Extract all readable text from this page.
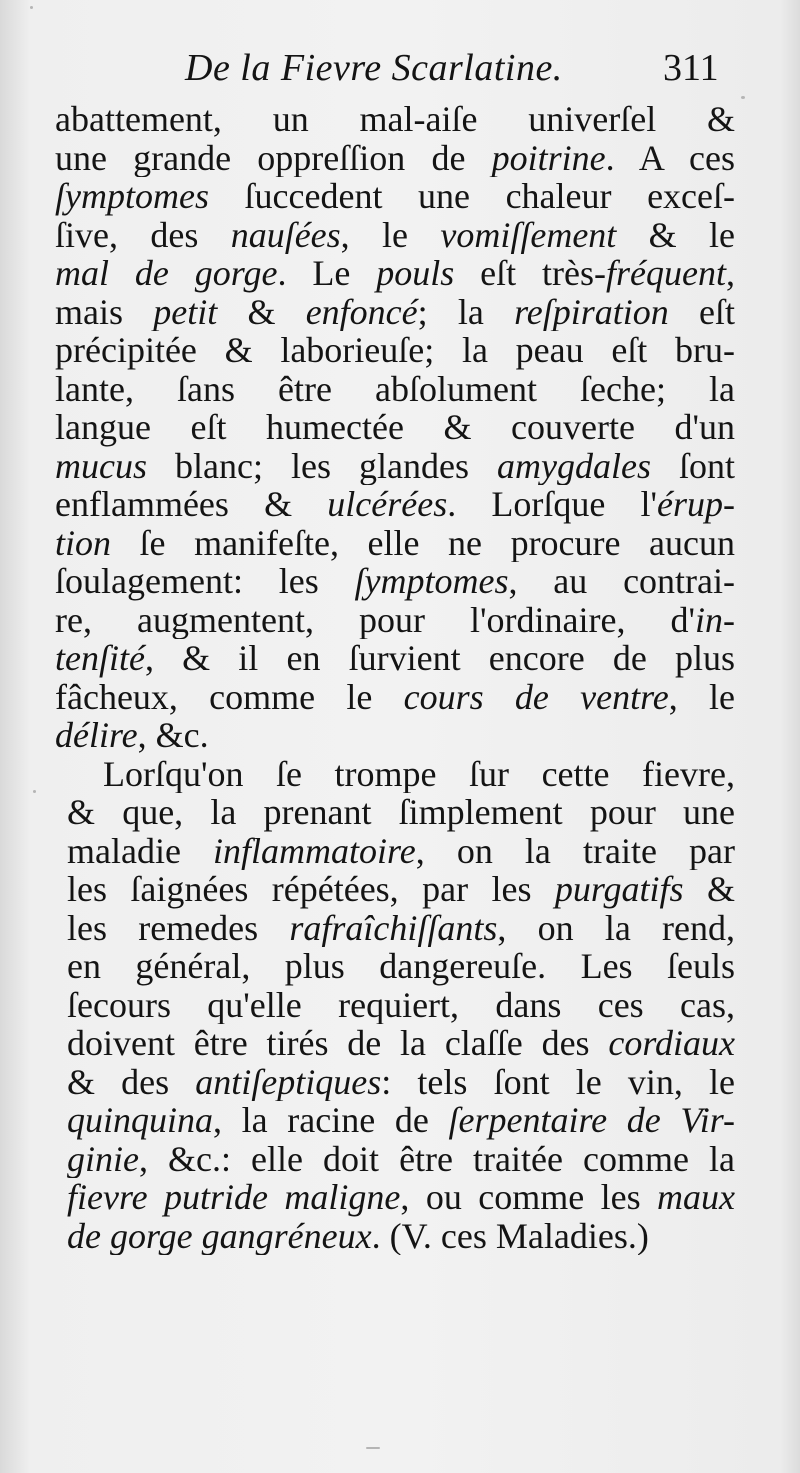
De la Fievre Scarlatine.	311
abattement, un mal-aiſe univerſel &
une grande oppreſſion de poitrine. A ces
ſymptomes ſuccedent une chaleur exceſ-
ſive, des nauſées, le vomiſſement & le
mal de gorge. Le pouls eſt très-fréquent,
mais petit & enfoncé; la reſpiration eſt
précipitée & laborieuſe; la peau eſt bru-
lante, ſans être abſolument ſeche; la
langue eſt humectée & couverte d'un
mucus blanc; les glandes amygdales ſont
enflammées & ulcérées. Lorſque l'érup-
tion ſe manifeſte, elle ne procure aucun
ſoulagement: les ſymptomes, au contrai-
re, augmentent, pour l'ordinaire, d'in-
tenſité, & il en ſurvient encore de plus
fâcheux, comme le cours de ventre, le
délire, &c.
Lorſqu'on ſe trompe ſur cette fievre,
& que, la prenant ſimplement pour une
maladie inflammatoire, on la traite par
les ſaignées répétées, par les purgatifs &
les remedes rafraîchiſſants, on la rend,
en général, plus dangereuſe. Les ſeuls
ſecours qu'elle requiert, dans ces cas,
doivent être tirés de la claſſe des cordiaux
& des antiſeptiques: tels ſont le vin, le
quinquina, la racine de ſerpentaire de Vir-
ginie, &c.: elle doit être traitée comme la
fievre putride maligne, ou comme les maux
de gorge gangréneux. (V. ces Maladies.)
